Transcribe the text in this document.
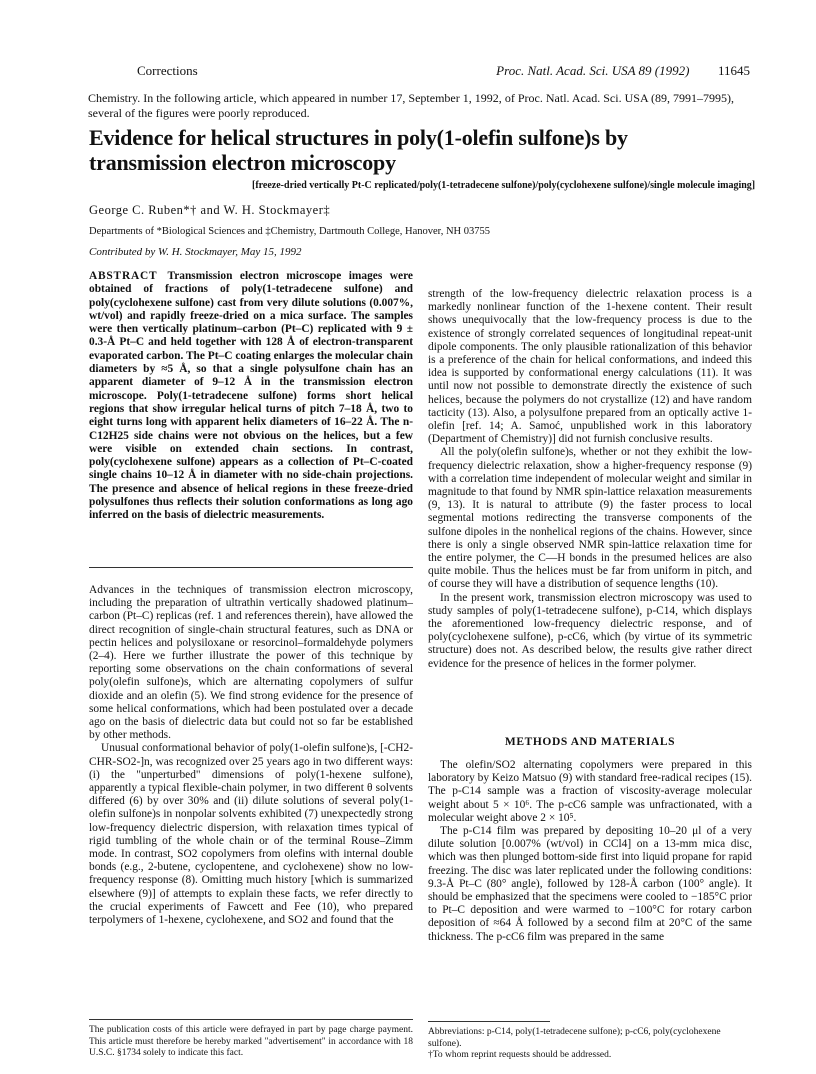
Corrections	Proc. Natl. Acad. Sci. USA 89 (1992) 11645
Chemistry. In the following article, which appeared in number 17, September 1, 1992, of Proc. Natl. Acad. Sci. USA (89, 7991–7995), several of the figures were poorly reproduced.
Evidence for helical structures in poly(1-olefin sulfone)s by transmission electron microscopy
[freeze-dried vertically Pt-C replicated/poly(1-tetradecene sulfone)/poly(cyclohexene sulfone)/single molecule imaging]
George C. Ruben*† and W. H. Stockmayer‡
Departments of *Biological Sciences and ‡Chemistry, Dartmouth College, Hanover, NH 03755
Contributed by W. H. Stockmayer, May 15, 1992
ABSTRACT Transmission electron microscope images were obtained of fractions of poly(1-tetradecene sulfone) and poly(cyclohexene sulfone) cast from very dilute solutions (0.007%, wt/vol) and rapidly freeze-dried on a mica surface. The samples were then vertically platinum–carbon (Pt–C) replicated with 9 ± 0.3-Å Pt–C and held together with 128 Å of electron-transparent evaporated carbon. The Pt–C coating enlarges the molecular chain diameters by ≈5 Å, so that a single polysulfone chain has an apparent diameter of 9–12 Å in the transmission electron microscope. Poly(1-tetradecene sulfone) forms short helical regions that show irregular helical turns of pitch 7–18 Å, two to eight turns long with apparent helix diameters of 16–22 Å. The n-C12H25 side chains were not obvious on the helices, but a few were visible on extended chain sections. In contrast, poly(cyclohexene sulfone) appears as a collection of Pt–C-coated single chains 10–12 Å in diameter with no side-chain projections. The presence and absence of helical regions in these freeze-dried polysulfones thus reflects their solution conformations as long ago inferred on the basis of dielectric measurements.

Advances in the techniques of transmission electron microscopy, including the preparation of ultrathin vertically shadowed platinum–carbon (Pt–C) replicas (ref. 1 and references therein), have allowed the direct recognition of single-chain structural features, such as DNA or pectin helices and polysiloxane or resorcinol–formaldehyde polymers (2–4). Here we further illustrate the power of this technique by reporting some observations on the chain conformations of several poly(olefin sulfone)s, which are alternating copolymers of sulfur dioxide and an olefin (5). We find strong evidence for the presence of some helical conformations, which had been postulated over a decade ago on the basis of dielectric data but could not so far be established by other methods.

Unusual conformational behavior of poly(1-olefin sulfone)s, [-CH2-CHR-SO2-]n, was recognized over 25 years ago in two different ways: (i) the "unperturbed" dimensions of poly(1-hexene sulfone), apparently a typical flexible-chain polymer, in two different θ solvents differed (6) by over 30% and (ii) dilute solutions of several poly(1-olefin sulfone)s in nonpolar solvents exhibited (7) unexpectedly strong low-frequency dielectric dispersion, with relaxation times typical of rigid tumbling of the whole chain or of the terminal Rouse–Zimm mode. In contrast, SO2 copolymers from olefins with internal double bonds (e.g., 2-butene, cyclopentene, and cyclohexene) show no low-frequency response (8). Omitting much history [which is summarized elsewhere (9)] of attempts to explain these facts, we refer directly to the crucial experiments of Fawcett and Fee (10), who prepared terpolymers of 1-hexene, cyclohexene, and SO2 and found that the

strength of the low-frequency dielectric relaxation process is a markedly nonlinear function of the 1-hexene content. Their result shows unequivocally that the low-frequency process is due to the existence of strongly correlated sequences of longitudinal repeat-unit dipole components. The only plausible rationalization of this behavior is a preference of the chain for helical conformations, and indeed this idea is supported by conformational energy calculations (11). It was until now not possible to demonstrate directly the existence of such helices, because the polymers do not crystallize (12) and have random tacticity (13). Also, a polysulfone prepared from an optically active 1-olefin [ref. 14; A. Samoć, unpublished work in this laboratory (Department of Chemistry)] did not furnish conclusive results.

All the poly(olefin sulfone)s, whether or not they exhibit the low-frequency dielectric relaxation, show a higher-frequency response (9) with a correlation time independent of molecular weight and similar in magnitude to that found by NMR spin-lattice relaxation measurements (9, 13). It is natural to attribute (9) the faster process to local segmental motions redirecting the transverse components of the sulfone dipoles in the nonhelical regions of the chains. However, since there is only a single observed NMR spin-lattice relaxation time for the entire polymer, the C—H bonds in the presumed helices are also quite mobile. Thus the helices must be far from uniform in pitch, and of course they will have a distribution of sequence lengths (10).

In the present work, transmission electron microscopy was used to study samples of poly(1-tetradecene sulfone), p-C14, which displays the aforementioned low-frequency dielectric response, and of poly(cyclohexene sulfone), p-cC6, which (by virtue of its symmetric structure) does not. As described below, the results give rather direct evidence for the presence of helices in the former polymer.

METHODS AND MATERIALS

The olefin/SO2 alternating copolymers were prepared in this laboratory by Keizo Matsuo (9) with standard free-radical recipes (15). The p-C14 sample was a fraction of viscosity-average molecular weight about 5 × 10⁶. The p-cC6 sample was unfractionated, with a molecular weight above 2 × 10⁵.

The p-C14 film was prepared by depositing 10–20 μl of a very dilute solution [0.007% (wt/vol) in CCl4] on a 13-mm mica disc, which was then plunged bottom-side first into liquid propane for rapid freezing. The disc was later replicated under the following conditions: 9.3-Å Pt–C (80° angle), followed by 128-Å carbon (100° angle). It should be emphasized that the specimens were cooled to −185°C prior to Pt–C deposition and were warmed to −100°C for rotary carbon deposition of ≈64 Å followed by a second film at 20°C of the same thickness. The p-cC6 film was prepared in the same

The publication costs of this article were defrayed in part by page charge payment. This article must therefore be hereby marked "advertisement" in accordance with 18 U.S.C. §1734 solely to indicate this fact.
Abbreviations: p-C14, poly(1-tetradecene sulfone); p-cC6, poly(cyclohexene sulfone).
†To whom reprint requests should be addressed.
